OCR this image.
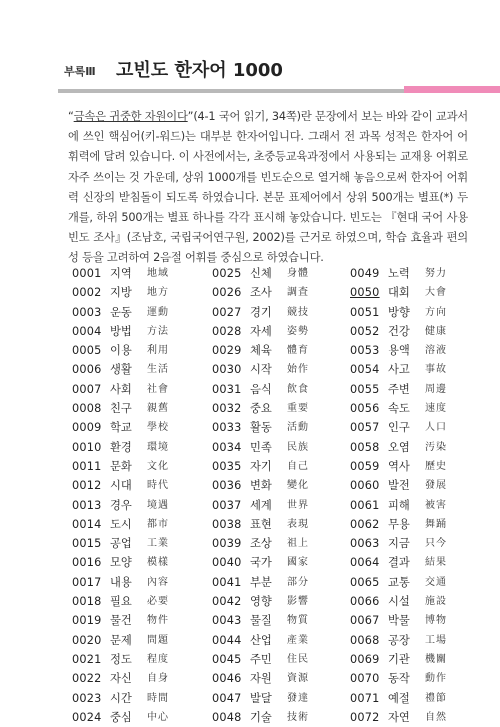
부록Ⅲ 고빈도 한자어 1000
“금속은 귀중한 자원이다”(4-1 국어 읽기, 34쪽)란 문장에서 보는 바와 같이 교과서에 쓰인 핵심어(키-워드)는 대부분 한자어입니다. 그래서 전 과목 성적은 한자어 어휘력에 달려 있습니다. 이 사전에서는, 초중등교육과정에서 사용되는 교재용 어휘로 자주 쓰이는 것 가운데, 상위 1000개를 빈도순으로 열거해 놓음으로써 한자어 어휘력 신장의 받침돌이 되도록 하였습니다. 본문 표제어에서 상위 500개는 별표(*) 두 개를, 하위 500개는 별표 하나를 각각 표시해 놓았습니다. 빈도는 『현대 국어 사용 빈도 조사』(조남호, 국립국어연구원, 2002)를 근거로 하였으며, 학습 효율과 편의성 등을 고려하여 2음절 어휘를 중심으로 하였습니다.
0001 지역 地域
0002 지방 地方
0003 운동 運動
0004 방법 方法
0005 이용 利用
0006 생활 生活
0007 사회 社會
0008 친구 親舊
0009 학교 學校
0010 환경 環境
0011 문화 文化
0012 시대 時代
0013 경우 境遇
0014 도시 都市
0015 공업 工業
0016 모양 模樣
0017 내용 內容
0018 필요 必要
0019 물건 物件
0020 문제 問題
0021 정도 程度
0022 자신 自身
0023 시간 時間
0024 중심 中心
0025 신체 身體
0026 조사 調査
0027 경기 競技
0028 자세 姿勢
0029 체육 體育
0030 시작 始作
0031 음식 飮食
0032 중요 重要
0033 활동 活動
0034 민족 民族
0035 자기 自己
0036 변화 變化
0037 세계 世界
0038 표현 表現
0039 조상 祖上
0040 국가 國家
0041 부분 部分
0042 영향 影響
0043 물질 物質
0044 산업 產業
0045 주민 住民
0046 자원 資源
0047 발달 發達
0048 기술 技術
0049 노력 努力
0050 대회 大會
0051 방향 方向
0052 건강 健康
0053 용액 溶液
0054 사고 事故
0055 주변 周邊
0056 속도 速度
0057 인구 人口
0058 오염 汚染
0059 역사 歷史
0060 발전 發展
0061 피해 被害
0062 무용 舞踊
0063 지금 只今
0064 결과 結果
0065 교통 交通
0066 시설 施設
0067 박물 博物
0068 공장 工場
0069 기관 機關
0070 동작 動作
0071 예절 禮節
0072 자연 自然
